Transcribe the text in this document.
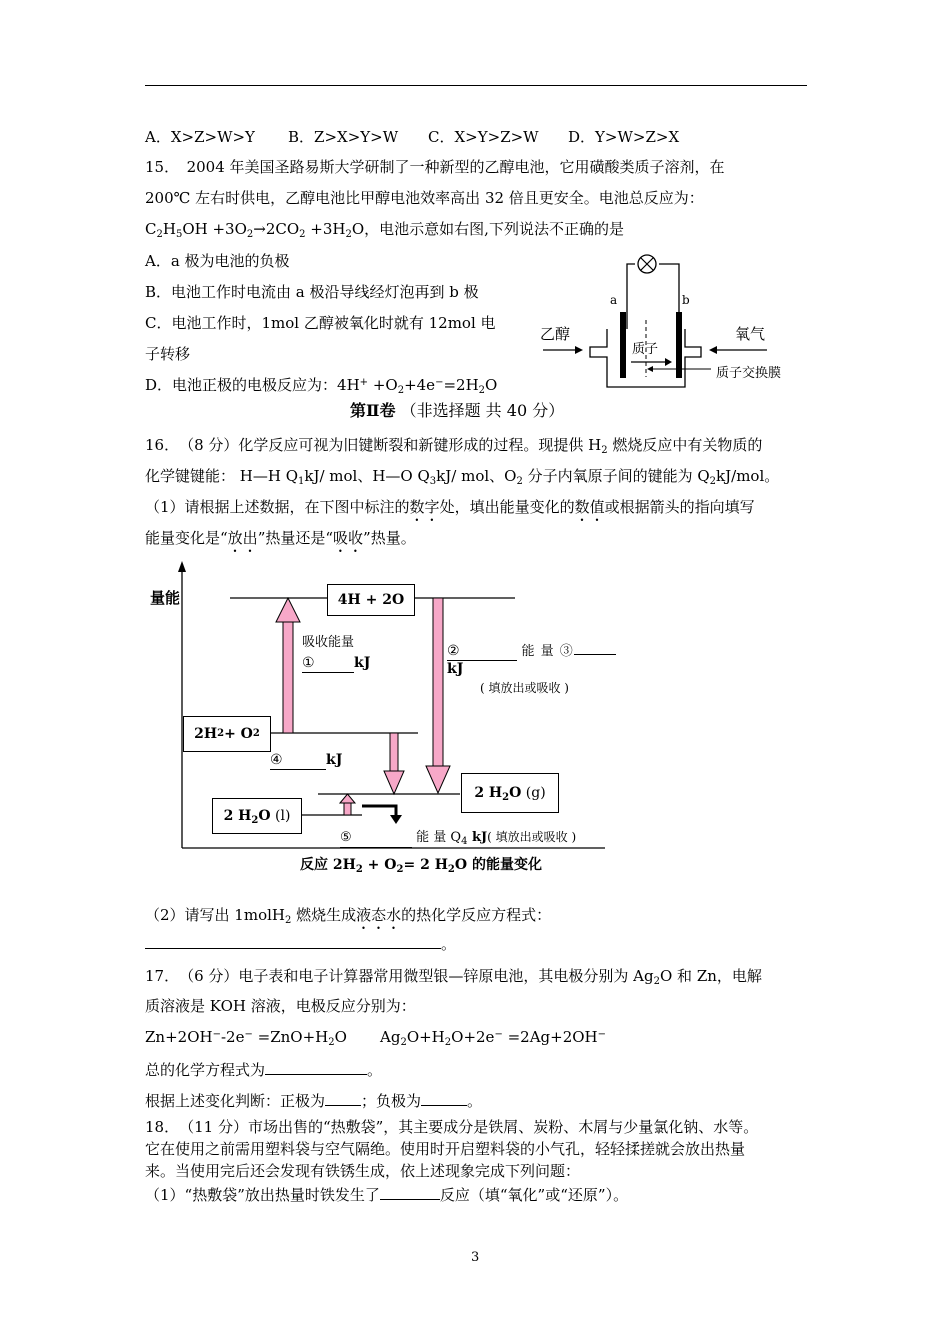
A．X>Z>W>Y B．Z>X>Y>W C．X>Y>Z>W D．Y>W>Z>X
15．　2004 年美国圣路易斯大学研制了一种新型的乙醇电池，它用磺酸类质子溶剂，在
200℃ 左右时供电，乙醇电池比甲醇电池效率高出 32 倍且更安全。电池总反应为：
$C_2H_5OH +3O_2\to 2CO_2 +3H_2O$，电池示意如右图,下列说法不正确的是
A．a 极为电池的负极
B．电池工作时电流由 a 极沿导线经灯泡再到 b 极
C．电池工作时，1mol 乙醇被氧化时就有 12mol 电
子转移
D．电池正极的电极反应为：$4H^+ +O_2+4e^-=2H_2O$
a	b
乙醇	氧气
质子
质子交换膜
第Ⅱ卷 （非选择题 共 40 分）
16．　（8 分）化学反应可视为旧键断裂和新键形成的过程。现提供 $H_2$ 燃烧反应中有关物质的
化学键键能： H—H $Q_1kJ/$ mol、H—O $Q_3kJ/$ mol、$O_2$ 分子内氧原子间的键能为 $Q_2kJ$/mol。
（1）请根据上述数据，在下图中标注的数字处，填出能量变化的数值或根据箭头的指向填写
能量变化是“放出”热量还是“吸收”热量。
量能	4H + 2O
吸收能量
①	kJ
②	能 量 ③
kJ
( 填放出或吸收 )
2H 2 + O 2
④	kJ
2 $H_2O$
(g)
2 $H_2O$
(l)
⑤	能 量 $Q_4$ kJ( 填放出或吸收 )
反应 $2H_2 + O_2= 2$ $H_2O$ 的能量变化
（2）请写出 1molH$_2$ 燃烧生成液态水的热化学反应方程式：
。
17．　（6 分）电子表和电子计算器常用微型银—锌原电池，其电极分别为 $Ag_2O$ 和 Zn，电解
质溶液是 KOH 溶液，电极反应分别为：
$Zn+2OH^--2e^- =ZnO+H_2O$ $Ag_2O+H_2O+2e^- =2Ag+2OH^-$
总的化学方程式为	。
根据上述变化判断：正极为 ；负极为	。
18．　（11 分）市场出售的“热敷袋”，其主要成分是铁屑、炭粉、木屑与少量氯化钠、水等。
它在使用之前需用塑料袋与空气隔绝。使用时开启塑料袋的小气孔，轻轻揉搓就会放出热量
来。当使用完后还会发现有铁锈生成，依上述现象完成下列问题：
（1）“热敷袋”放出热量时铁发生了	反应（填“氧化”或“还原”）。
3
